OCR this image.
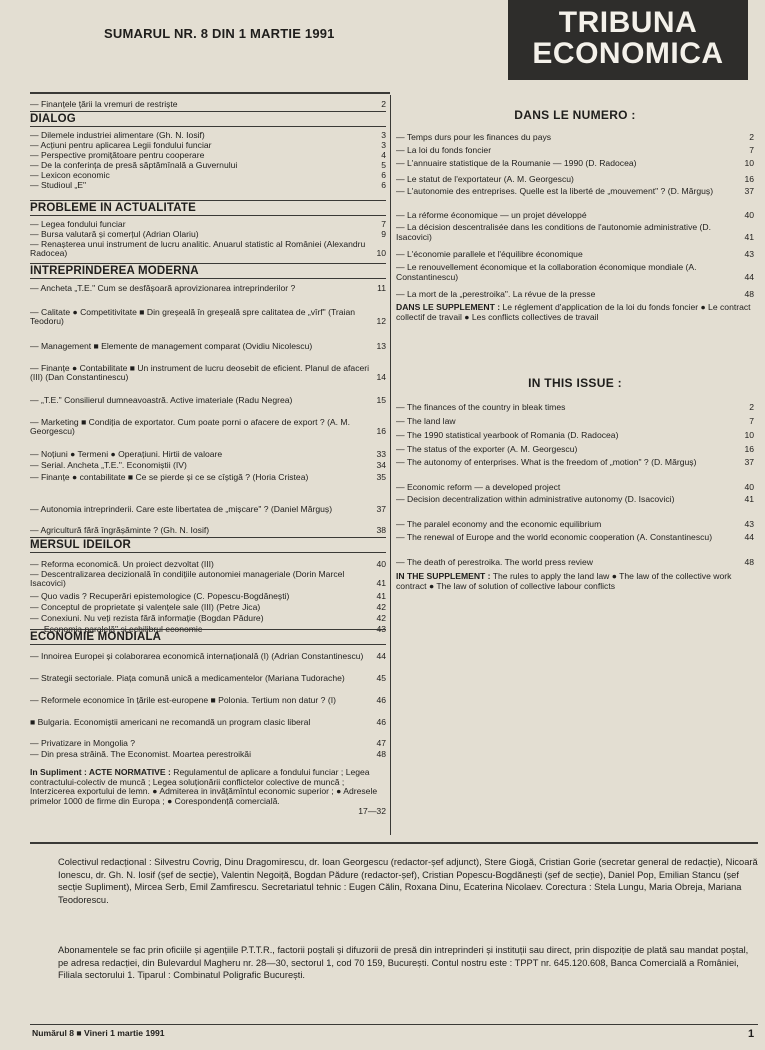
SUMARUL NR. 8 DIN 1 MARTIE 1991	TRIBUNA
ECONOMICA
— Finanțele țării la vremuri de restriște	2
DIALOG
— Dilemele industriei alimentare (Gh. N. Iosif)	3
— Acțiuni pentru aplicarea Legii fondului funciar	3
— Perspective promițătoare pentru cooperare	4
— De la conferința de presă săptămînală a Guvernului	5
— Lexicon economic	6
— Studioul „E"	6
PROBLEME IN ACTUALITATE
— Legea fondului funciar	7
— Bursa valutară și comerțul (Adrian Olariu)	9
— Renașterea unui instrument de lucru analitic. Anuarul statistic al României (Alexandru Radocea)	10
INTREPRINDEREA MODERNA
— Ancheta „T.E." Cum se desfășoară aprovizionarea intreprinderilor ?	11
— Calitate ● Competitivitate ■ Din greșeală în greșeală spre calitatea de „vîrf" (Traian Teodoru)	12
— Management ■ Elemente de management comparat (Ovidiu Nicolescu)	13
— Finanțe ● Contabilitate ■ Un instrument de lucru deosebit de eficient. Planul de afaceri (III) (Dan Constantinescu)	14
— „T.E." Consilierul dumneavoastră. Active imateriale (Radu Negrea)	15
— Marketing ■ Condiția de exportator. Cum poate porni o afacere de export ? (A. M. Georgescu)	16
— Noțiuni ● Termeni ● Operațiuni. Hirtii de valoare	33
— Serial. Ancheta „T.E.". Economiștii (IV)	34
— Finanțe ● contabilitate ■ Ce se pierde și ce se cîștigă ? (Horia Cristea)	35
— Autonomia intreprinderii. Care este libertatea de „mișcare" ? (Daniel Mărguș)	37
— Agricultură fără îngrășăminte ? (Gh. N. Iosif)	38
MERSUL IDEILOR
— Reforma economică. Un proiect dezvoltat (III)	40
— Descentralizarea decizională în condițiile autonomiei manageriale (Dorin Marcel Isacovici)	41
— Quo vadis ? Recuperări epistemologice (C. Popescu-Bogdănești)	41
— Conceptul de proprietate și valențele sale (III) (Petre Jica)	42
— Conexiuni. Nu veți rezista fără informație (Bogdan Pădure)	42
— „Economia paralelă" și echilibrul economic	43
ECONOMIE MONDIALA
— Innoirea Europei și colaborarea economică internațională (I) (Adrian Constantinescu)	44
— Strategii sectoriale. Piața comună unică a medicamentelor (Mariana Tudorache)	45
— Reformele economice în țările est-europene ■ Polonia. Tertium non datur ? (I)	46
■ Bulgaria. Economiștii americani ne recomandă un program clasic liberal	46
— Privatizare in Mongolia ?	47
— Din presa străină. The Economist. Moartea perestroikăi	48
In Supliment : ACTE NORMATIVE : Regulamentul de aplicare a fondului funciar ; Legea contractului-colectiv de muncă ; Legea soluționării conflictelor colective de muncă ; Interzicerea exportului de lemn. ● Admiterea in invățămîntul economic superior ; ● Adresele primelor 1000 de firme din Europa ; ● Corespondență comercială.
17—32
DANS LE NUMERO :
— Temps durs pour les finances du pays	2
— La loi du fonds foncier	7
— L'annuaire statistique de la Roumanie — 1990 (D. Radocea)	10
— Le statut de l'exportateur (A. M. Georgescu)	16
— L'autonomie des entreprises. Quelle est la liberté de „mouvement" ? (D. Mărguș)	37
— La réforme économique — un projet développé	40
— La décision descentralisée dans les conditions de l'autonomie administrative (D. Isacovici)	41
— L'économie parallele et l'équilibre économique	43
— Le renouvellement économique et la collaboration économique mondiale (A. Constantinescu)	44
— La mort de la „perestroika". La révue de la presse	48
DANS LE SUPPLEMENT : Le réglement d'application de la loi du fonds foncier ● Le contract collectif de travail ● Les conflicts collectives de travail
IN THIS ISSUE :
— The finances of the country in bleak times	2
— The land law	7
— The 1990 statistical yearbook of Romania (D. Radocea)	10
— The status of the exporter (A. M. Georgescu)	16
— The autonomy of enterprises. What is the freedom of „motion" ? (D. Mărguș)	37
— Economic reform — a developed project	40
— Decision decentralization within administrative autonomy (D. Isacovici)	41
— The paralel economy and the economic equilibrium	43
— The renewal of Europe and the world economic cooperation (A. Constantinescu)	44
— The death of perestroika. The world press review	48
IN THE SUPPLEMENT : The rules to apply the land law ● The law of the collective work contract ● The law of solution of collective labour conflicts
Colectivul redacțional : Silvestru Covrig, Dinu Dragomirescu, dr. Ioan Georgescu (redactor-șef adjunct), Stere Giogă, Cristian Gorie (secretar general de redacție), Nicoară Ionescu, dr. Gh. N. Iosif (șef de secție), Valentin Negoiță, Bogdan Pădure (redactor-șef), Cristian Popescu-Bogdănești (șef de secție), Daniel Pop, Emilian Stancu (șef secție Supliment), Mircea Serb, Emil Zamfirescu. Secretariatul tehnic : Eugen Călin, Roxana Dinu, Ecaterina Nicolaev. Corectura : Stela Lungu, Maria Obreja, Mariana Teodorescu.
Abonamentele se fac prin oficiile și agențiile P.T.T.R., factorii poștali și difuzorii de presă din intreprinderi și instituții sau direct, prin dispoziție de plată sau mandat poștal, pe adresa redacției, din Bulevardul Magheru nr. 28—30, sectorul 1, cod 70 159, București. Contul nostru este : TPPT nr. 645.120.608, Banca Comercială a României, Filiala sectorului 1. Tiparul : Combinatul Poligrafic București.
Numărul 8 ■ Vineri 1 martie 1991	1
